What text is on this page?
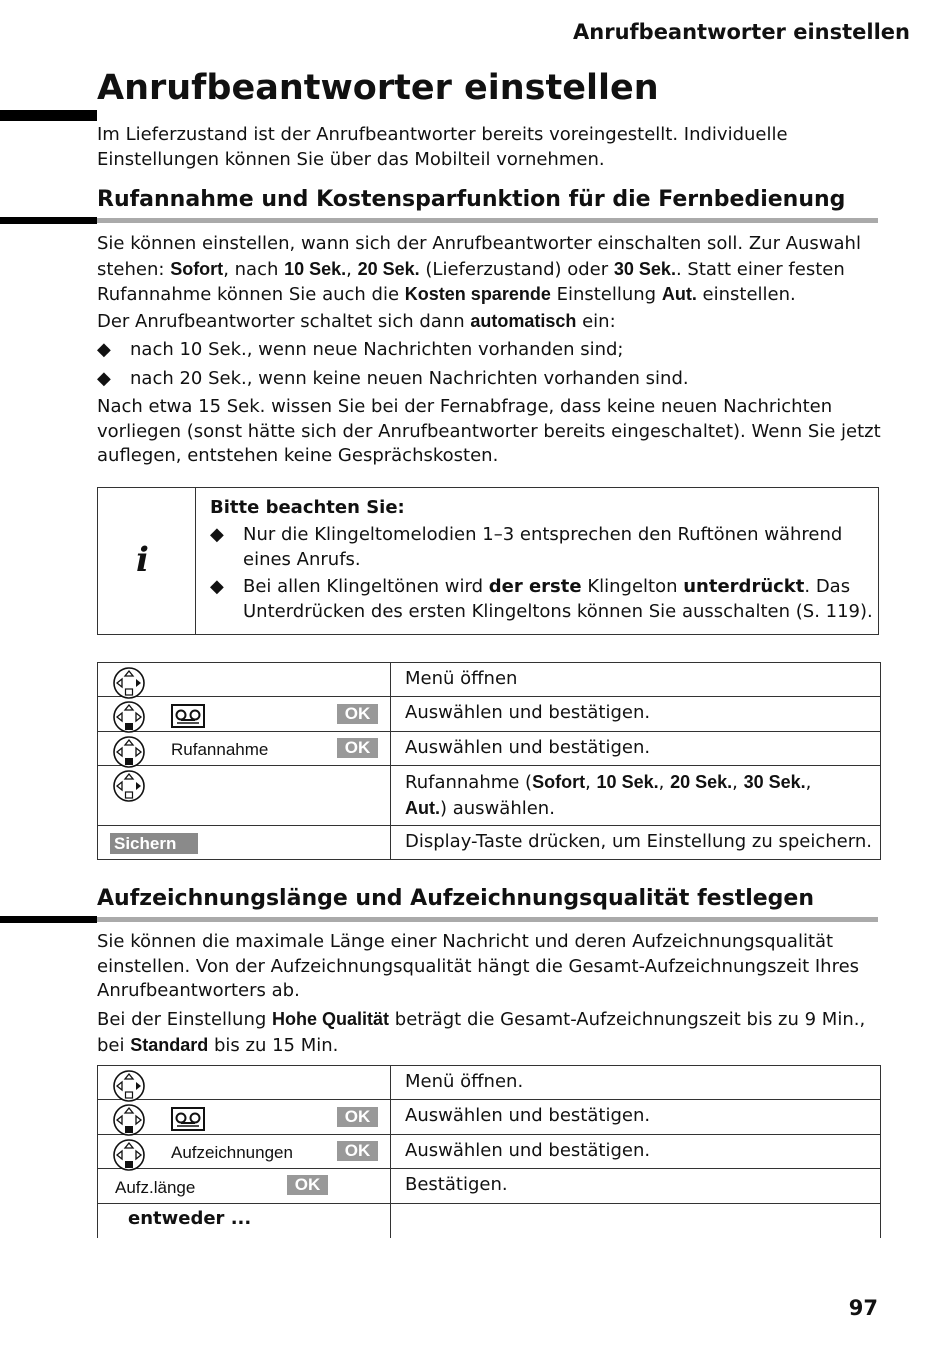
Anrufbeantworter einstellen
Anrufbeantworter einstellen

Im Lieferzustand ist der Anrufbeantworter bereits voreingestellt. Individuelle Einstellungen können Sie über das Mobilteil vornehmen.

Rufannahme und Kostensparfunktion für die Fernbedienung

Sie können einstellen, wann sich der Anrufbeantworter einschalten soll. Zur Auswahl stehen: Sofort, nach 10 Sek., 20 Sek. (Lieferzustand) oder 30 Sek.. Statt einer festen Rufannahme können Sie auch die Kosten sparende Einstellung Aut. einstellen.

Der Anrufbeantworter schaltet sich dann automatisch ein:

◆ nach 10 Sek., wenn neue Nachrichten vorhanden sind;
◆ nach 20 Sek., wenn keine neuen Nachrichten vorhanden sind.

Nach etwa 15 Sek. wissen Sie bei der Fernabfrage, dass keine neuen Nachrichten vorliegen (sonst hätte sich der Anrufbeantworter bereits eingeschaltet). Wenn Sie jetzt auflegen, entstehen keine Gesprächskosten.

i
Bitte beachten Sie:
◆ Nur die Klingeltomelodien 1–3 entsprechen den Ruftönen während eines Anrufs.
◆ Bei allen Klingeltönen wird der erste Klingelton unterdrückt. Das Unterdrücken des ersten Klingeltons können Sie ausschalten (S. 119).
	Menü öffnen

OK	Auswählen und bestätigen.

Rufannahme OK	Auswählen und bestätigen.

	Rufannahme (Sofort, 10 Sek., 20 Sek., 30 Sek.,
Aut.) auswählen.

Sichern	Display-Taste drücken, um Einstellung zu speichern.
Aufzeichnungslänge und Aufzeichnungsqualität festlegen

Sie können die maximale Länge einer Nachricht und deren Aufzeichnungsqualität einstellen. Von der Aufzeichnungsqualität hängt die Gesamt-Aufzeichnungszeit Ihres Anrufbeantworters ab.

Bei der Einstellung Hohe Qualität beträgt die Gesamt-Aufzeichnungszeit bis zu 9 Min., bei Standard bis zu 15 Min.

	Menü öffnen.

OK	Auswählen und bestätigen.

Aufzeichnungen OK	Auswählen und bestätigen.

Aufz.länge OK	Bestätigen.

entweder ...	

97
